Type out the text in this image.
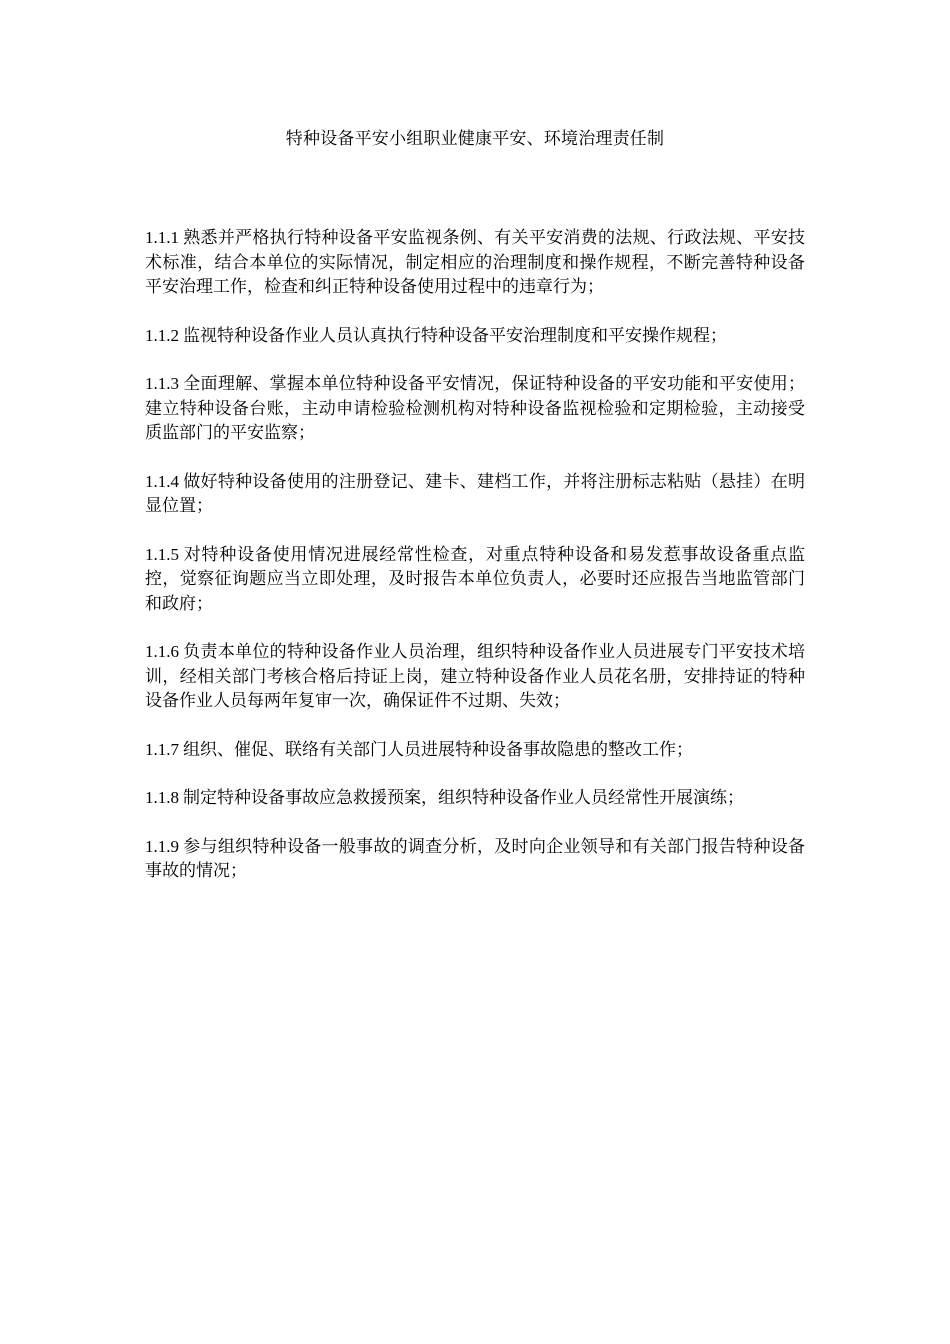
特种设备平安小组职业健康平安、环境治理责任制

1.1.1 熟悉并严格执行特种设备平安监视条例、有关平安消费的法规、行政法规、平安技术标准，结合本单位的实际情况，制定相应的治理制度和操作规程，不断完善特种设备平安治理工作，检查和纠正特种设备使用过程中的违章行为；

1.1.2 监视特种设备作业人员认真执行特种设备平安治理制度和平安操作规程；

1.1.3 全面理解、掌握本单位特种设备平安情况，保证特种设备的平安功能和平安使用；建立特种设备台账，主动申请检验检测机构对特种设备监视检验和定期检验，主动接受质监部门的平安监察；

1.1.4 做好特种设备使用的注册登记、建卡、建档工作，并将注册标志粘贴（悬挂）在明显位置；

1.1.5 对特种设备使用情况进展经常性检查，对重点特种设备和易发惹事故设备重点监控，觉察征询题应当立即处理，及时报告本单位负责人，必要时还应报告当地监管部门和政府；

1.1.6 负责本单位的特种设备作业人员治理，组织特种设备作业人员进展专门平安技术培训，经相关部门考核合格后持证上岗，建立特种设备作业人员花名册，安排持证的特种设备作业人员每两年复审一次，确保证件不过期、失效；

1.1.7 组织、催促、联络有关部门人员进展特种设备事故隐患的整改工作；

1.1.8 制定特种设备事故应急救援预案，组织特种设备作业人员经常性开展演练；

1.1.9 参与组织特种设备一般事故的调查分析，及时向企业领导和有关部门报告特种设备事故的情况；
